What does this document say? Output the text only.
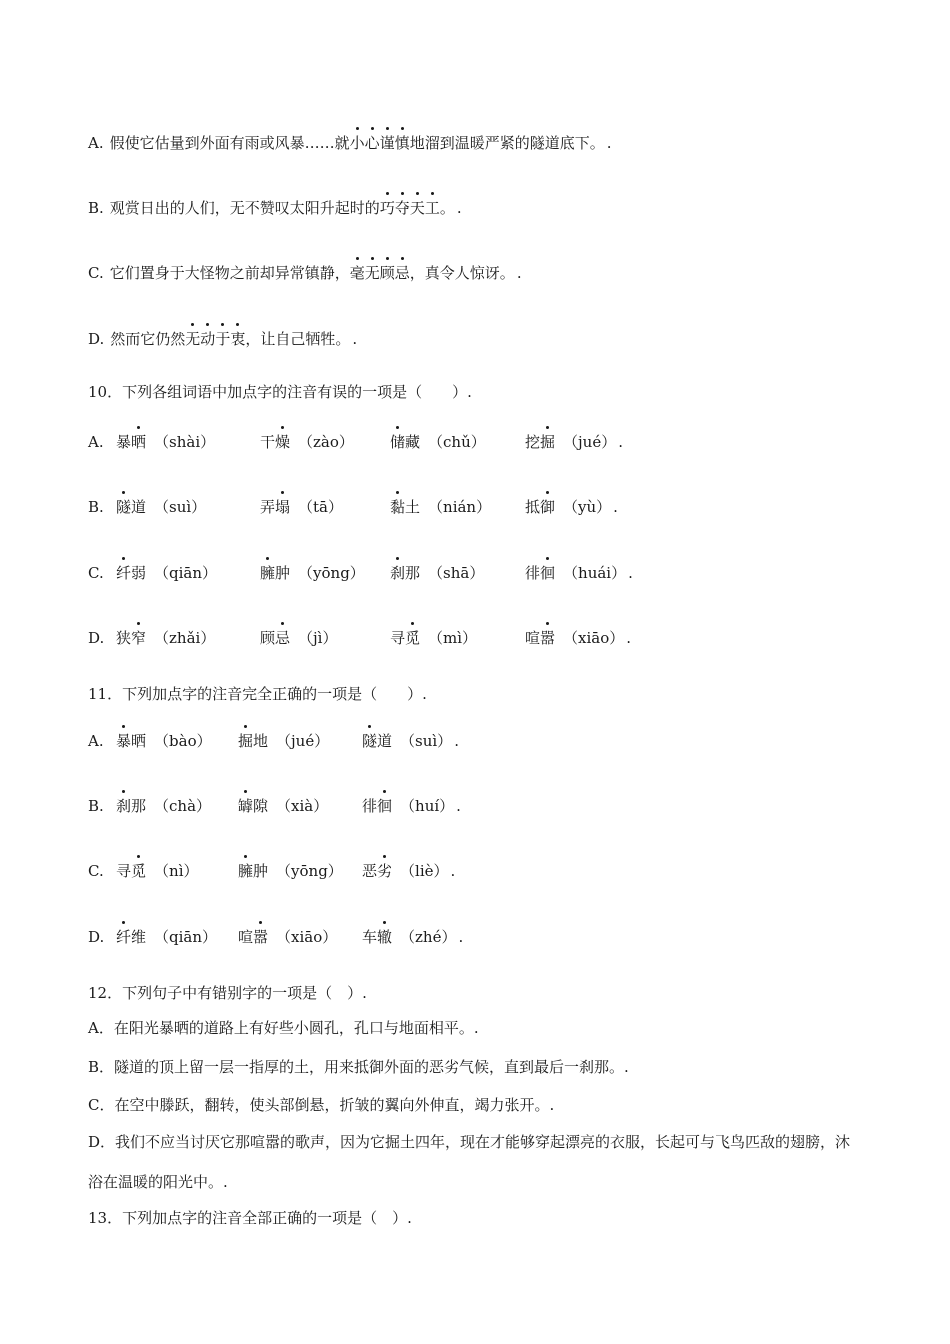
A. 假使它估量到外面有雨或风暴……就小心谨慎地溜到温暖严紧的隧道底下。 .
B. 观赏日出的人们，无不赞叹太阳升起时的巧夺天工。 .
C. 它们置身于大怪物之前却异常镇静，毫无顾忌，真令人惊讶。 .
D. 然而它仍然无动于衷，让自己牺牲。 .
10．下列各组词语中加点字的注音有误的一项是（　　）.
A. 暴晒 （shài）	干燥 （zào） 储藏 （chǔ）	挖掘 （jué） .
B. 隧道 （suì）	弄塌 （tā）	黏土 （nián） 抵御 （yù） .
C. 纤弱 （qiān）	臃肿 （yōng） 刹那 （shā）	徘徊 （huái） .
D. 狭窄 （zhǎi）	顾忌 （jì）	寻觅 （mì）	喧嚣 （xiāo） .
11．下列加点字的注音完全正确的一项是（　　）.
A. 暴晒 （bào） 掘地 （jué） 隧道 （suì） .
B. 刹那 （chà） 罅隙 （xià） 徘徊 （huí） .
C. 寻觅 （nì）	臃肿 （yōng） 恶劣 （liè） .
D. 纤维 （qiān） 喧嚣 （xiāo） 车辙 （zhé） .
12．下列句子中有错别字的一项是（　）.
A．在阳光暴晒的道路上有好些小圆孔，孔口与地面相平。.
B．隧道的顶上留一层一指厚的土，用来抵御外面的恶劣气候，直到最后一刹那。.
C．在空中滕跃，翻转，使头部倒悬，折皱的翼向外伸直，竭力张开。.
D．我们不应当讨厌它那喧嚣的歌声，因为它掘土四年，现在才能够穿起漂亮的衣服，长起可与飞鸟匹敌的翅膀，沐浴在温暖的阳光中。.
13．下列加点字的注音全部正确的一项是（　）.
